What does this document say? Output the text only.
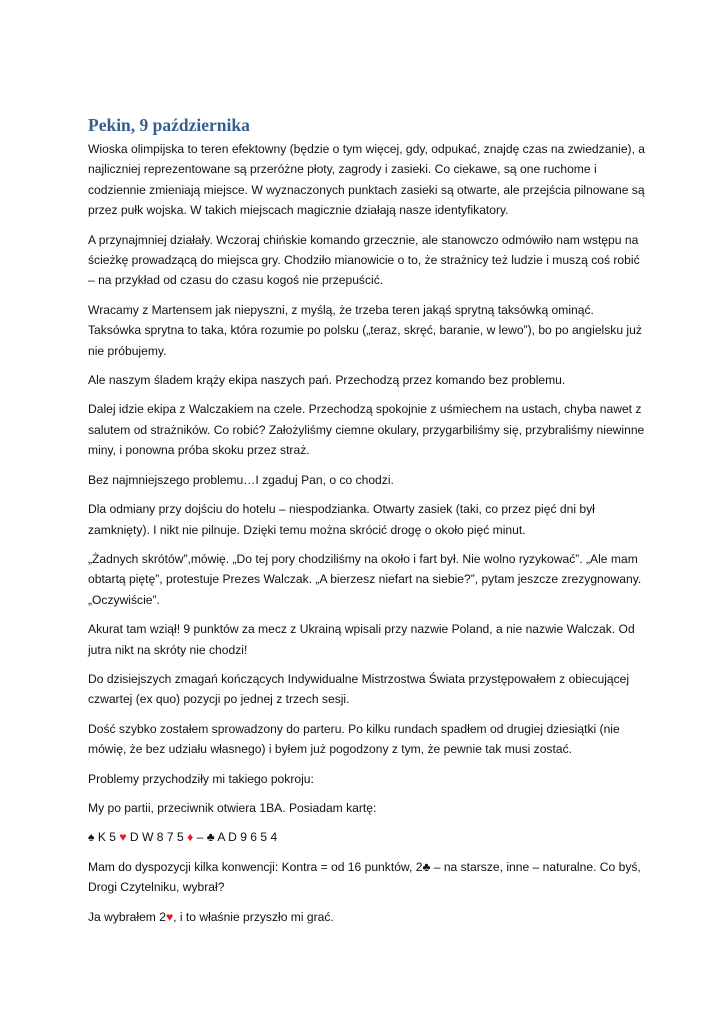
Pekin, 9 października

Wioska olimpijska to teren efektowny (będzie o tym więcej, gdy, odpukać, znajdę czas na zwiedzanie), a najliczniej reprezentowane są przeróżne płoty, zagrody i zasieki. Co ciekawe, są one ruchome i codziennie zmieniają miejsce. W wyznaczonych punktach zasieki są otwarte, ale przejścia pilnowane są przez pułk wojska. W takich miejscach magicznie działają nasze identyfikatory.

A przynajmniej działały. Wczoraj chińskie komando grzecznie, ale stanowczo odmówiło nam wstępu na ścieżkę prowadzącą do miejsca gry. Chodziło mianowicie o to, że strażnicy też ludzie i muszą coś robić – na przykład od czasu do czasu kogoś nie przepuścić.

Wracamy z Martensem jak niepyszni, z myślą, że trzeba teren jakąś sprytną taksówką ominąć. Taksówka sprytna to taka, która rozumie po polsku („teraz, skręć, baranie, w lewo”), bo po angielsku już nie próbujemy.

Ale naszym śladem krąży ekipa naszych pań. Przechodzą przez komando bez problemu.

Dalej idzie ekipa z Walczakiem na czele. Przechodzą spokojnie z uśmiechem na ustach, chyba nawet z salutem od strażników. Co robić? Założyliśmy ciemne okulary, przygarbiliśmy się, przybraliśmy niewinne miny, i ponowna próba skoku przez straż.

Bez najmniejszego problemu…I zgaduj Pan, o co chodzi.

Dla odmiany przy dojściu do hotelu – niespodzianka. Otwarty zasiek (taki, co przez pięć dni był zamknięty). I nikt nie pilnuje. Dzięki temu można skrócić drogę o około pięć minut.

„Żadnych skrótów”,mówię. „Do tej pory chodziliśmy na około i fart był. Nie wolno ryzykować”. „Ale mam obtartą piętę”, protestuje Prezes Walczak. „A bierzesz niefart na siebie?”, pytam jeszcze zrezygnowany. „Oczywiście”.

Akurat tam wziął! 9 punktów za mecz z Ukrainą wpisali przy nazwie Poland, a nie nazwie Walczak. Od jutra nikt na skróty nie chodzi!

Do dzisiejszych zmagań kończących Indywidualne Mistrzostwa Świata przystępowałem z obiecującej czwartej (ex quo) pozycji po jednej z trzech sesji.

Dość szybko zostałem sprowadzony do parteru. Po kilku rundach spadłem od drugiej dziesiątki (nie mówię, że bez udziału własnego) i byłem już pogodzony z tym, że pewnie tak musi zostać.

Problemy przychodziły mi takiego pokroju:

My po partii, przeciwnik otwiera 1BA. Posiadam kartę:

♠ K 5 ♥ D W 8 7 5 ♦ – ♣ A D 9 6 5 4

Mam do dyspozycji kilka konwencji: Kontra = od 16 punktów, 2♣ – na starsze, inne – naturalne. Co byś, Drogi Czytelniku, wybrał?

Ja wybrałem 2♥, i to właśnie przyszło mi grać.
